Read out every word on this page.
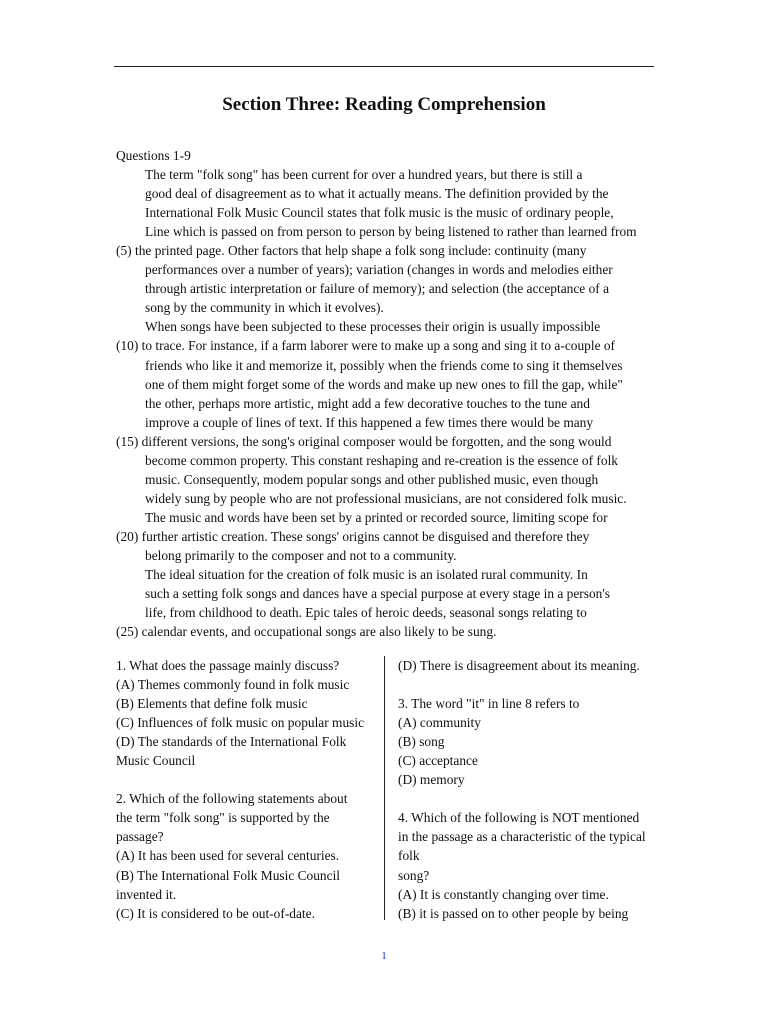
Section Three: Reading Comprehension
Questions 1-9
The term "folk song" has been current for over a hundred years, but there is still a
good deal of disagreement as to what it actually means. The definition provided by the
International Folk Music Council states that folk music is the music of ordinary people,
Line which is passed on from person to person by being listened to rather than learned from
(5) the printed page. Other factors that help shape a folk song include: continuity (many
performances over a number of years); variation (changes in words and melodies either
through artistic interpretation or failure of memory); and selection (the acceptance of a
song by the community in which it evolves).
When songs have been subjected to these processes their origin is usually impossible
(10) to trace. For instance, if a farm laborer were to make up a song and sing it to a-couple of
friends who like it and memorize it, possibly when the friends come to sing it themselves
one of them might forget some of the words and make up new ones to fill the gap, while"
the other, perhaps more artistic, might add a few decorative touches to the tune and
improve a couple of lines of text. If this happened a few times there would be many
(15) different versions, the song's original composer would be forgotten, and the song would
become common property. This constant reshaping and re-creation is the essence of folk
music. Consequently, modem popular songs and other published music, even though
widely sung by people who are not professional musicians, are not considered folk music.
The music and words have been set by a printed or recorded source, limiting scope for
(20) further artistic creation. These songs' origins cannot be disguised and therefore they
belong primarily to the composer and not to a community.
The ideal situation for the creation of folk music is an isolated rural community. In
such a setting folk songs and dances have a special purpose at every stage in a person's
life, from childhood to death. Epic tales of heroic deeds, seasonal songs relating to
(25) calendar events, and occupational songs are also likely to be sung.
1. What does the passage mainly discuss?
(A) Themes commonly found in folk music
(B) Elements that define folk music
(C) Influences of folk music on popular music
(D) The standards of the International Folk
Music Council
2. Which of the following statements about
the term "folk song" is supported by the
passage?
(A) It has been used for several centuries.
(B) The International Folk Music Council
invented it.
(C) It is considered to be out-of-date.
(D) There is disagreement about its meaning.
3. The word "it" in line 8 refers to
(A) community
(B) song
(C) acceptance
(D) memory
4. Which of the following is NOT mentioned
in the passage as a characteristic of the typical
folk
song?
(A) It is constantly changing over time.
(B) it is passed on to other people by being
1
